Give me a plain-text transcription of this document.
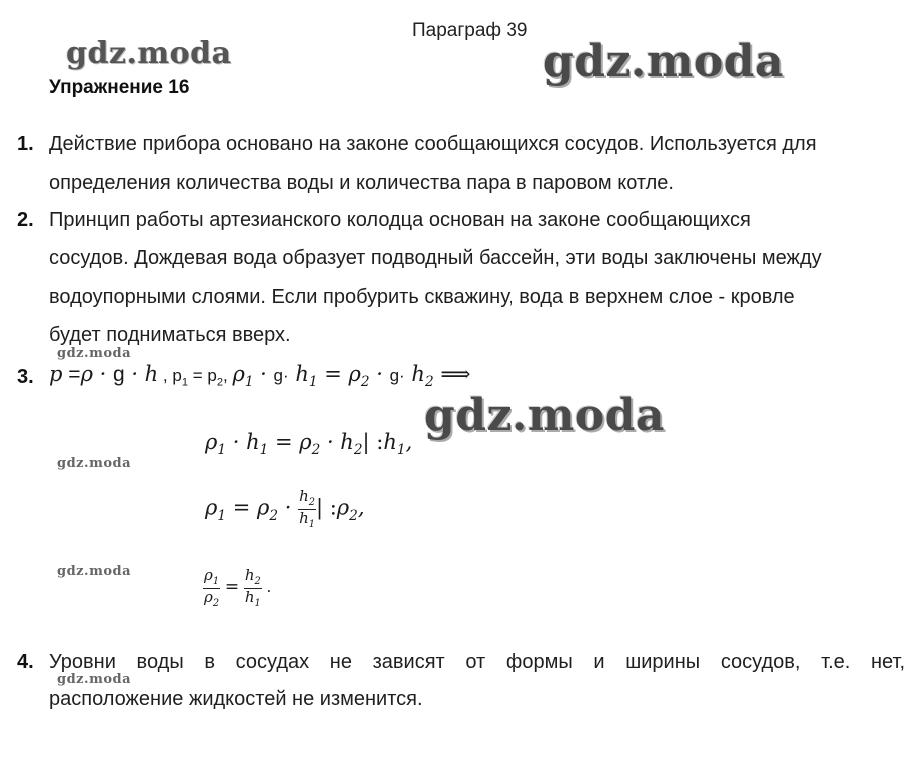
Параграф 39
gdz.moda	gdz.moda
gdz.moda
gdz.moda
gdz.moda
gdz.moda
gdz.moda
Упражнение 16
1. Действие прибора основано на законе сообщающихся сосудов. Используется для
определения количества воды и количества пара в паровом котле.
2. Принцип работы артезианского колодца основан на законе сообщающихся
сосудов. Дождевая вода образует подводный бассейн, эти воды заключены между
водоупорными слоями. Если пробурить скважину, вода в верхнем слое - кровле
будет подниматься вверх.
3. p =ρ · g · h , $p_1 = p_2$, $\rho_1 \cdot g\cdot h_1 = \rho_2 \cdot g\cdot h_2$ ⟹
$\rho_1 \cdot h_1 = \rho_2 \cdot h_2|$ $:h_1$,
$\rho_1 = \rho_2 \cdot \frac{h_2}{h_1}$ | $:\rho_2$,
$\frac{\rho_1}{\rho_2} = \frac{h_2}{h_1}$ .
4. Уровни воды в сосудах не зависят от формы и ширины сосудов, т.е. нет,
расположение жидкостей не изменится.
